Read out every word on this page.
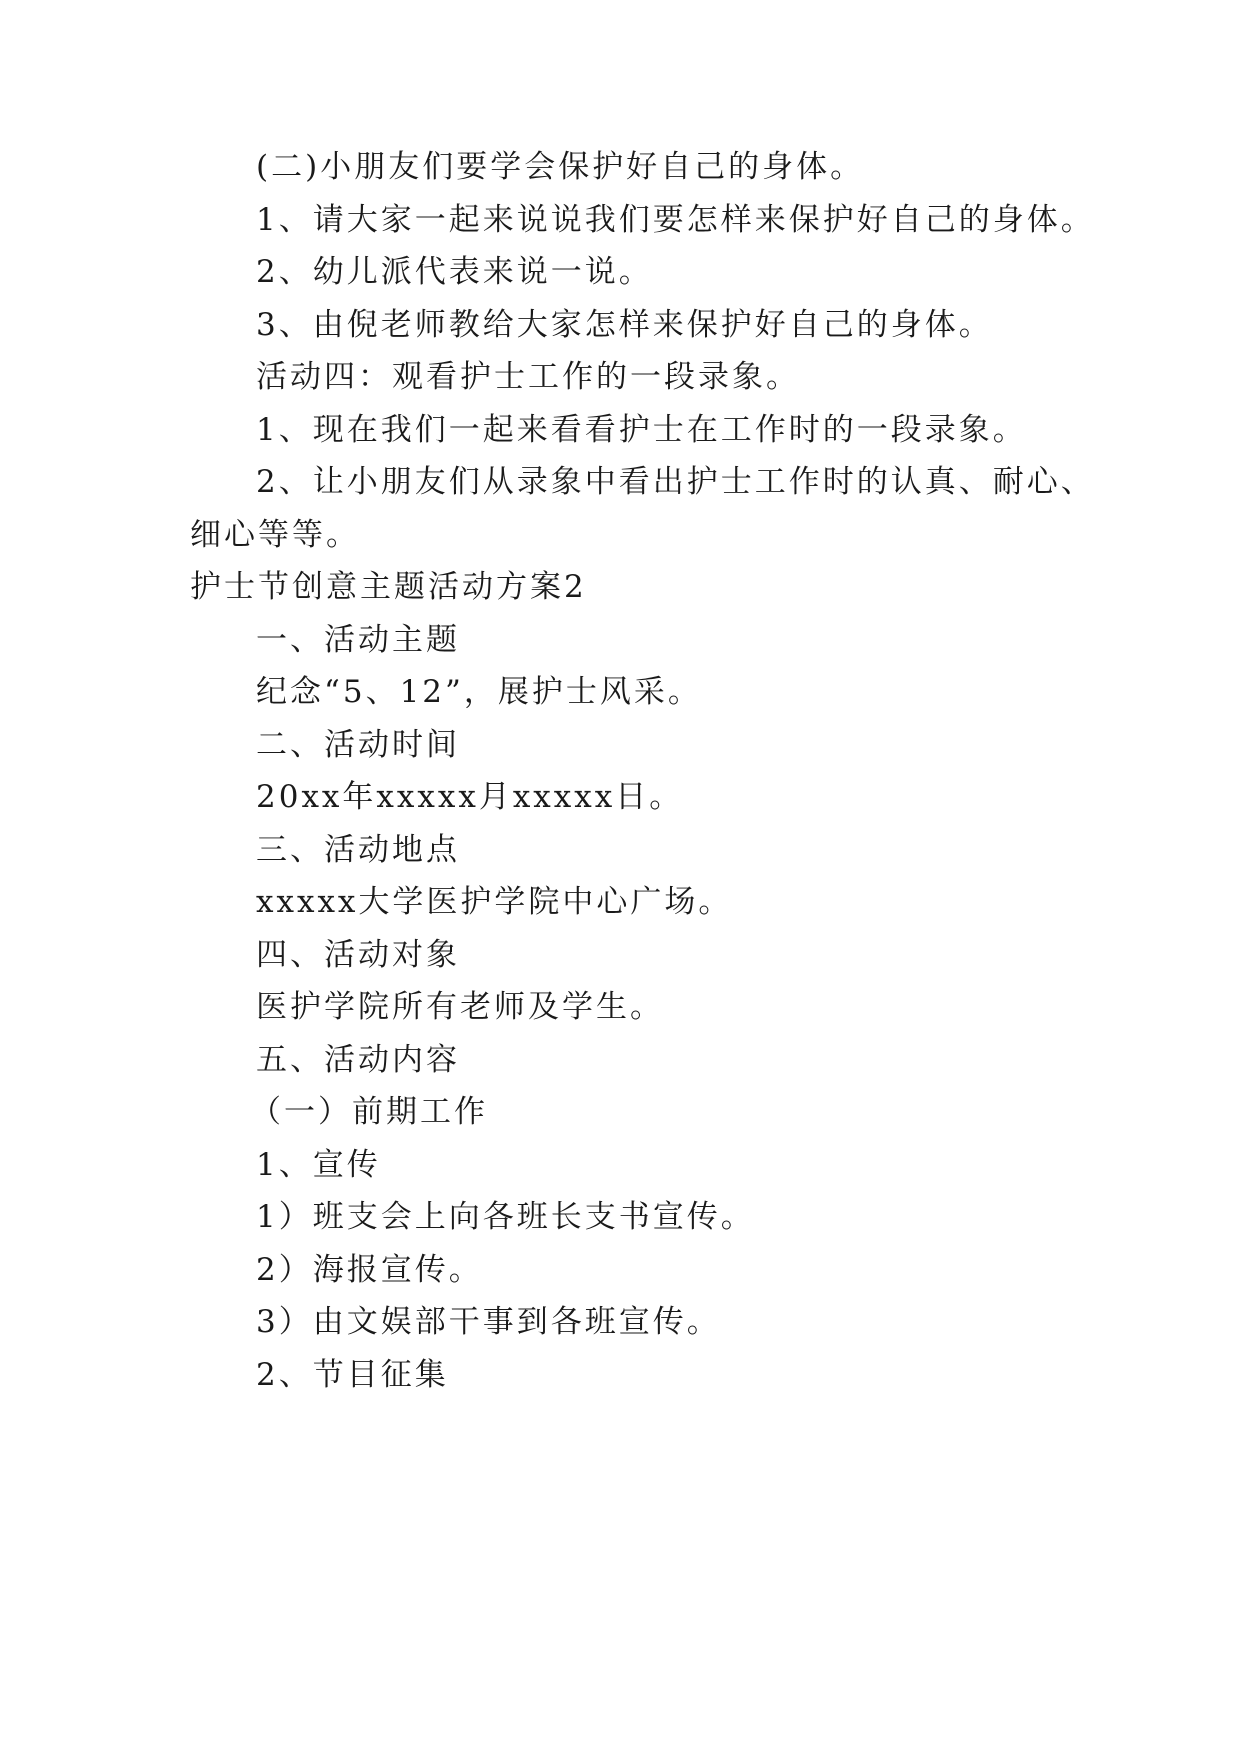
(二)小朋友们要学会保护好自己的身体。
1、请大家一起来说说我们要怎样来保护好自己的身体。
2、幼儿派代表来说一说。
3、由倪老师教给大家怎样来保护好自己的身体。
活动四：观看护士工作的一段录象。
1、现在我们一起来看看护士在工作时的一段录象。
2、让小朋友们从录象中看出护士工作时的认真、耐心、
细心等等。
护士节创意主题活动方案2
一、活动主题
纪念“5、12”，展护士风采。
二、活动时间
20xx年xxxxx月xxxxx日。
三、活动地点
xxxxx大学医护学院中心广场。
四、活动对象
医护学院所有老师及学生。
五、活动内容
（一）前期工作
1、宣传
1）班支会上向各班长支书宣传。
2）海报宣传。
3）由文娱部干事到各班宣传。
2、节目征集
